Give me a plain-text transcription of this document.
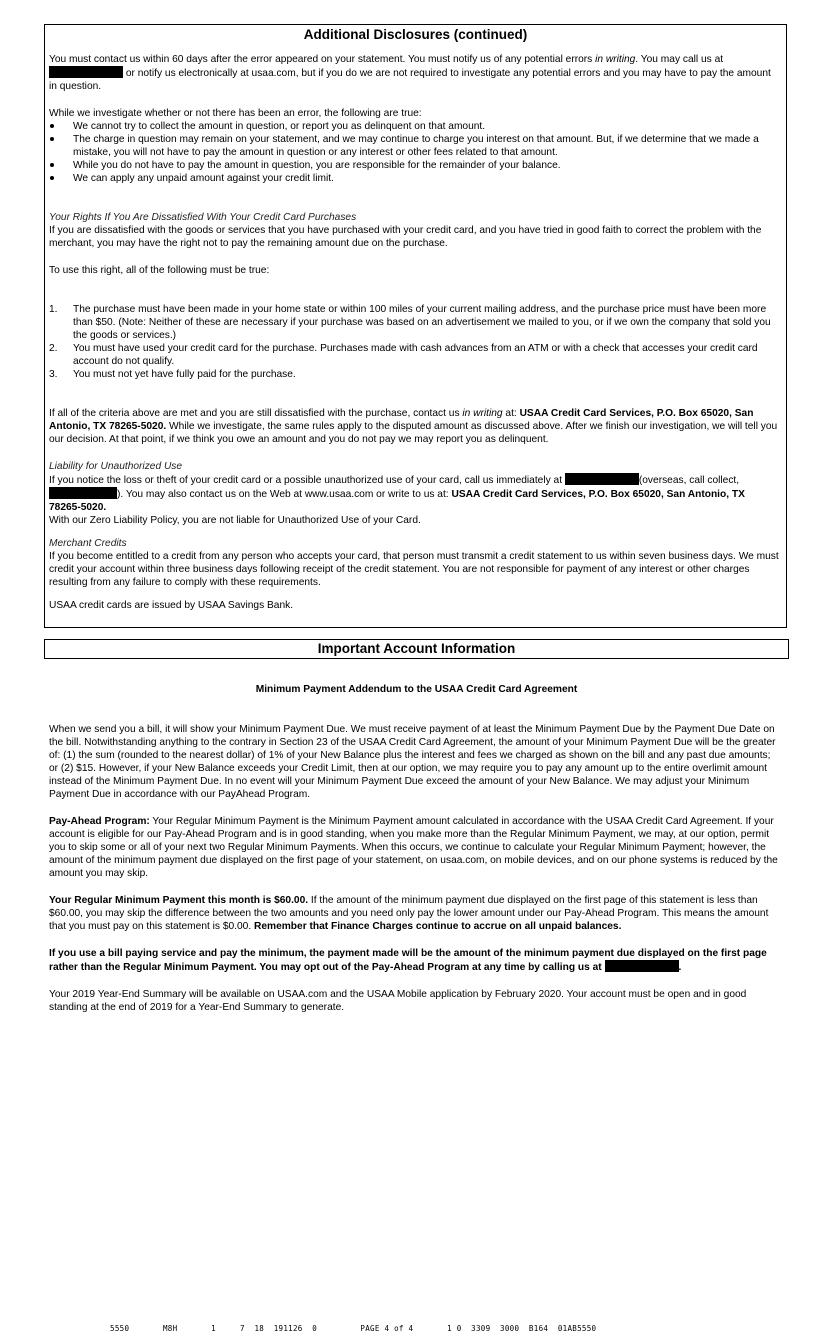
Additional Disclosures (continued)

You must contact us within 60 days after the error appeared on your statement. You must notify us of any potential errors in writing. You may call us at
or notify us electronically at usaa.com, but if you do we are not required to investigate any potential errors and you may have to pay the amount in question.

While we investigate whether or not there has been an error, the following are true:

We cannot try to collect the amount in question, or report you as delinquent on that amount.
The charge in question may remain on your statement, and we may continue to charge you interest on that amount. But, if we determine that we made a mistake, you will not have to pay the amount in question or any interest or other fees related to that amount.
While you do not have to pay the amount in question, you are responsible for the remainder of your balance.
We can apply any unpaid amount against your credit limit.

Your Rights If You Are Dissatisfied With Your Credit Card Purchases

If you are dissatisfied with the goods or services that you have purchased with your credit card, and you have tried in good faith to correct the problem with the merchant, you may have the right not to pay the remaining amount due on the purchase.

To use this right, all of the following must be true:

1. The purchase must have been made in your home state or within 100 miles of your current mailing address, and the purchase price must have been more than $50. (Note: Neither of these are necessary if your purchase was based on an advertisement we mailed to you, or if we own the company that sold you the goods or services.)
2. You must have used your credit card for the purchase. Purchases made with cash advances from an ATM or with a check that accesses your credit card account do not qualify.
3. You must not yet have fully paid for the purchase.

If all of the criteria above are met and you are still dissatisfied with the purchase, contact us in writing at: USAA Credit Card Services, P.O. Box 65020, San Antonio, TX 78265-5020. While we investigate, the same rules apply to the disputed amount as discussed above. After we finish our investigation, we will tell you our decision. At that point, if we think you owe an amount and you do not pay we may report you as delinquent.

Liability for Unauthorized Use

If you notice the loss or theft of your credit card or a possible unauthorized use of your card, call us immediately at	(overseas, call collect,
). You may also contact us on the Web at www.usaa.com or write to us at: USAA Credit Card Services, P.O. Box 65020, San Antonio, TX 78265-5020.

With our Zero Liability Policy, you are not liable for Unauthorized Use of your Card.

Merchant Credits

If you become entitled to a credit from any person who accepts your card, that person must transmit a credit statement to us within seven business days. We must credit your account within three business days following receipt of the credit statement. You are not responsible for payment of any interest or other charges resulting from any failure to comply with these requirements.

USAA credit cards are issued by USAA Savings Bank.

Important Account Information
Minimum Payment Addendum to the USAA Credit Card Agreement

When we send you a bill, it will show your Minimum Payment Due. We must receive payment of at least the Minimum Payment Due by the Payment Due Date on the bill. Notwithstanding anything to the contrary in Section 23 of the USAA Credit Card Agreement, the amount of your Minimum Payment Due will be the greater of: (1) the sum (rounded to the nearest dollar) of 1% of your New Balance plus the interest and fees we charged as shown on the bill and any past due amounts; or (2) $15. However, if your New Balance exceeds your Credit Limit, then at our option, we may require you to pay any amount up to the entire overlimit amount instead of the Minimum Payment Due. In no event will your Minimum Payment Due exceed the amount of your New Balance. We may adjust your Minimum Payment Due in accordance with our PayAhead Program.

Pay-Ahead Program: Your Regular Minimum Payment is the Minimum Payment amount calculated in accordance with the USAA Credit Card Agreement. If your account is eligible for our Pay-Ahead Program and is in good standing, when you make more than the Regular Minimum Payment, we may, at our option, permit you to skip some or all of your next two Regular Minimum Payments. When this occurs, we continue to calculate your Regular Minimum Payment; however, the amount of the minimum payment due displayed on the first page of your statement, on usaa.com, on mobile devices, and on our phone systems is reduced by the amount you may skip.

Your Regular Minimum Payment this month is $60.00. If the amount of the minimum payment due displayed on the first page of this statement is less than $60.00, you may skip the difference between the two amounts and you need only pay the lower amount under our Pay-Ahead Program. This means the amount that you must pay on this statement is $0.00. Remember that Finance Charges continue to accrue on all unpaid balances.

If you use a bill paying service and pay the minimum, the payment made will be the amount of the minimum payment due displayed on the first page rather than the Regular Minimum Payment. You may opt out of the Pay-Ahead Program at any time by calling us at	.

Your 2019 Year-End Summary will be available on USAA.com and the USAA Mobile application by February 2020. Your account must be open and in good standing at the end of 2019 for a Year-End Summary to generate.

5550       M8H       1     7  18  191126  0         PAGE 4 of 4       1 0  3309  3000  B164  01AB5550
